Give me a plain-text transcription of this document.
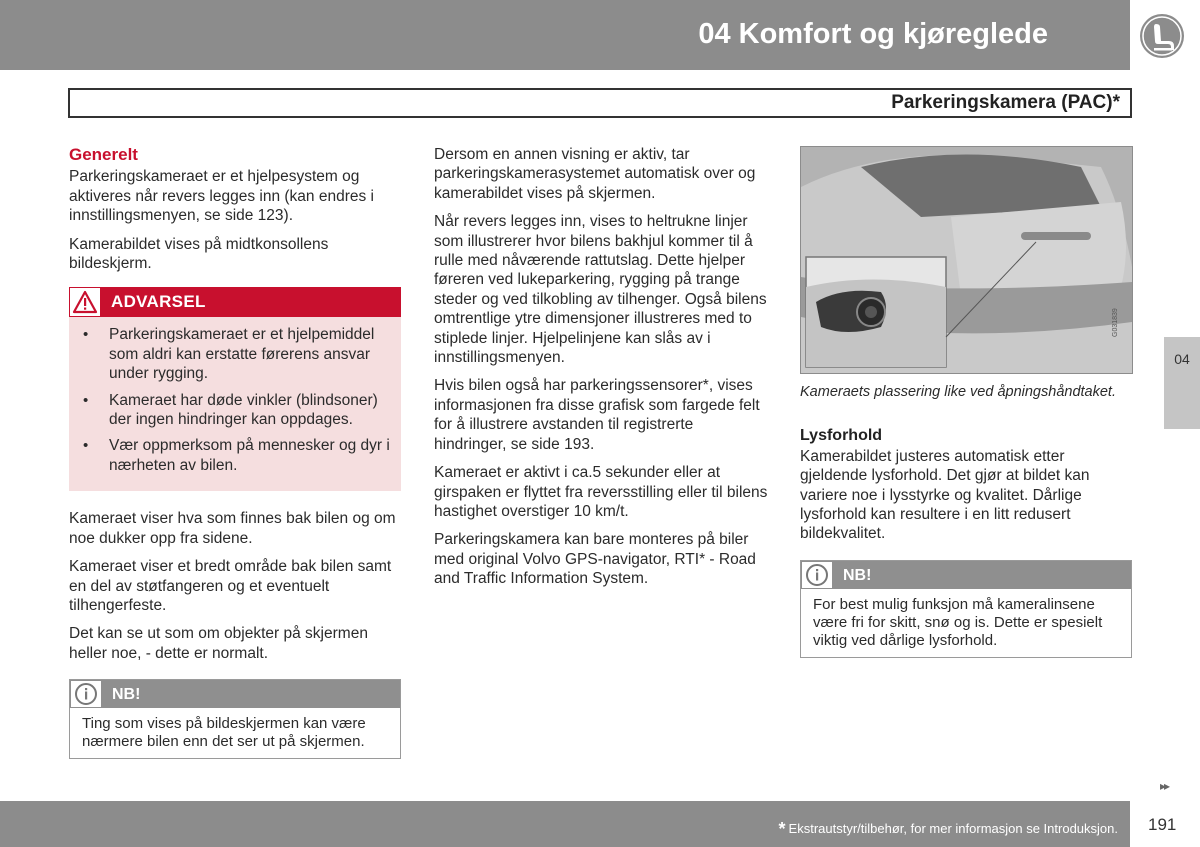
04 Komfort og kjøreglede
Parkeringskamera (PAC)*
Generelt

Parkeringskameraet er et hjelpesystem og aktiveres når revers legges inn (kan endres i innstillingsmenyen, se side 123).

Kamerabildet vises på midtkonsollens bildeskjerm.

ADVARSEL
• Parkeringskameraet er et hjelpemiddel som aldri kan erstatte førerens ansvar under rygging.
• Kameraet har døde vinkler (blindsoner) der ingen hindringer kan oppdages.
• Vær oppmerksom på mennesker og dyr i nærheten av bilen.

Kameraet viser hva som finnes bak bilen og om noe dukker opp fra sidene.

Kameraet viser et bredt område bak bilen samt en del av støtfangeren og et eventuelt tilhengerfeste.

Det kan se ut som om objekter på skjermen heller noe, - dette er normalt.

NB!
Ting som vises på bildeskjermen kan være nærmere bilen enn det ser ut på skjermen.

Dersom en annen visning er aktiv, tar parkeringskamerasystemet automatisk over og kamerabildet vises på skjermen.

Når revers legges inn, vises to heltrukne linjer som illustrerer hvor bilens bakhjul kommer til å rulle med nåværende rattutslag. Dette hjelper føreren ved lukeparkering, rygging på trange steder og ved tilkobling av tilhenger. Også bilens omtrentlige ytre dimensjoner illustreres med to stiplede linjer. Hjelpelinjene kan slås av i innstillingsmenyen.

Hvis bilen også har parkeringssensorer*, vises informasjonen fra disse grafisk som fargede felt for å illustrere avstanden til registrerte hindringer, se side 193.

Kameraet er aktivt i ca.5 sekunder eller at girspaken er flyttet fra reversstilling eller til bilens hastighet overstiger 10 km/t.

Parkeringskamera kan bare monteres på biler med original Volvo GPS-navigator, RTI* - Road and Traffic Information System.

G031839
Kameraets plassering like ved åpningshåndtaket.
Lysforhold

Kamerabildet justeres automatisk etter gjeldende lysforhold. Det gjør at bildet kan variere noe i lysstyrke og kvalitet. Dårlige lysforhold kan resultere i en litt redusert bildekvalitet.

NB!
For best mulig funksjon må kameralinsene være fri for skitt, snø og is. Dette er spesielt viktig ved dårlige lysforhold.
04
▸▸
* Ekstrautstyr/tilbehør, for mer informasjon se Introduksjon. 191
